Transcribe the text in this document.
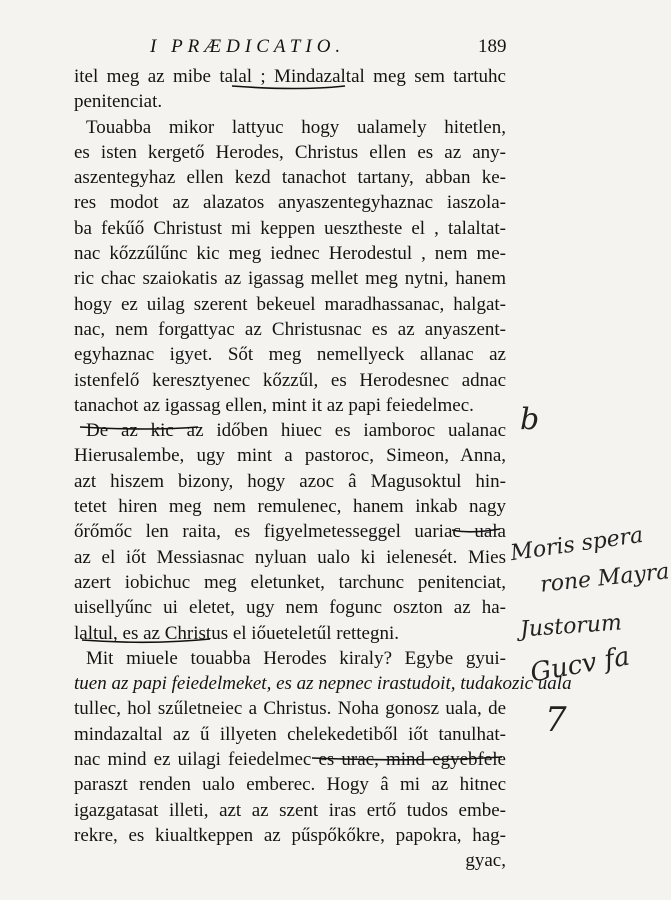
I PRÆDICATIO.	189
itel meg az mibe talal ; Mindazaltal meg sem tartuhc
penitenciat.
Touabba mikor lattyuc hogy ualamely hitetlen,
es isten kergető Herodes, Christus ellen es az any-
aszentegyhaz ellen kezd tanachot tartany, abban ke-
res modot az alazatos anyaszentegyhaznac iaszola-
ba fekűő Christust mi keppen uesztheste el , talaltat-
nac kőzzűlűnc kic meg iednec Herodestul , nem me-
ric chac szaiokatis az igassag mellet meg nytni, hanem
hogy ez uilag szerent bekeuel maradhassanac, halgat-
nac, nem forgattyac az Christusnac es az anyaszent-
egyhaznac igyet. Sőt meg nemellyeck allanac az
istenfelő keresztyenec kőzzűl, es Herodesnec adnac
tanachot az igassag ellen, mint it az papi feiedelmec.
De az kic az időben hiuec es iamboroc ualanac
Hierusalembe, ugy mint a pastoroc, Simeon, Anna,
azt hiszem bizony, hogy azoc â Magusoktul hin-
tetet hiren meg nem remulenec, hanem inkab nagy
őrőmőc len raita, es figyelmetesseggel uariac uala
az el iőt Messiasnac nyluan ualo ki ielenesét. Mies
azert iobichuc meg eletunket, tarchunc penitenciat,
uisellyűnc ui eletet, ugy nem fogunc oszton az ha-
laltul, es az Christus el iőueteletűl rettegni.
Mit miuele touabba Herodes kiraly? Egybe gyui-
tuen az papi feiedelmeket, es az nepnec irastudoit, tudakozic uala
tullec, hol szűletneiec a Christus. Noha gonosz uala, de
mindazaltal az ű illyeten chelekedetiből iőt tanulhat-
nac mind ez uilagi feiedelmec es urac, mind egyebfele
paraszt renden ualo emberec. Hogy â mi az hitnec
igazgatasat illeti, azt az szent iras ertő tudos embe-
rekre, es kiualtkeppen az pűspőkőkre, papokra, hag-
gyac,
b
Moris spera
rone Mayra
Justorum
Gucv fa
7
